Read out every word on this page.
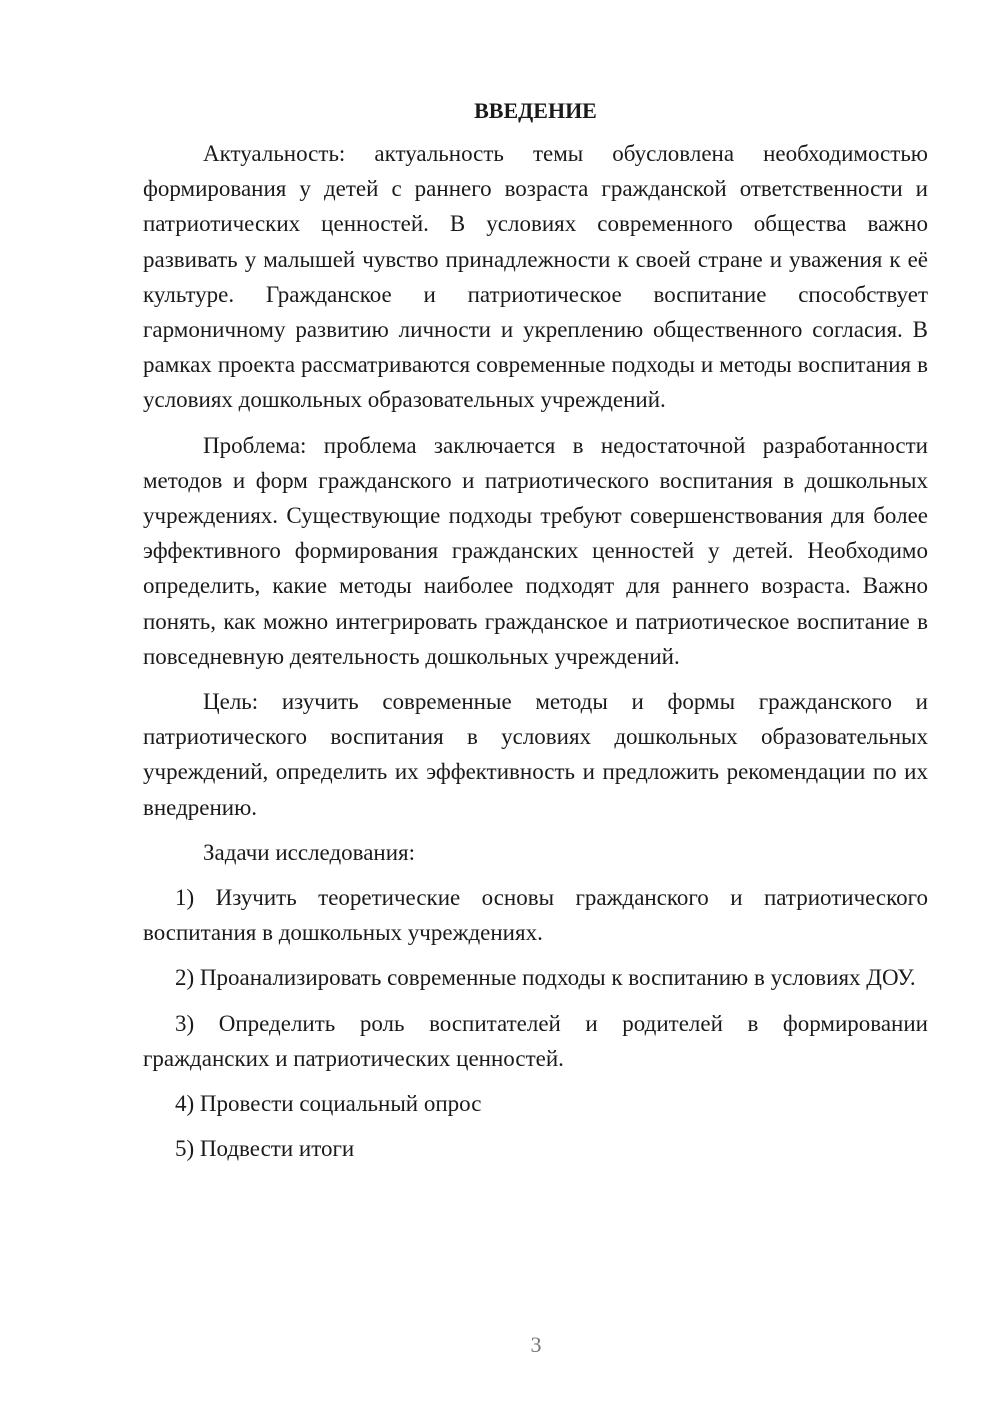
ВВЕДЕНИЕ
Актуальность: актуальность темы обусловлена необходимостью формирования у детей с раннего возраста гражданской ответственности и патриотических ценностей. В условиях современного общества важно развивать у малышей чувство принадлежности к своей стране и уважения к её культуре. Гражданское и патриотическое воспитание способствует гармоничному развитию личности и укреплению общественного согласия. В рамках проекта рассматриваются современные подходы и методы воспитания в условиях дошкольных образовательных учреждений.
Проблема: проблема заключается в недостаточной разработанности методов и форм гражданского и патриотического воспитания в дошкольных учреждениях. Существующие подходы требуют совершенствования для более эффективного формирования гражданских ценностей у детей. Необходимо определить, какие методы наиболее подходят для раннего возраста. Важно понять, как можно интегрировать гражданское и патриотическое воспитание в повседневную деятельность дошкольных учреждений.
Цель: изучить современные методы и формы гражданского и патриотического воспитания в условиях дошкольных образовательных учреждений, определить их эффективность и предложить рекомендации по их внедрению.
Задачи исследования:
1) Изучить теоретические основы гражданского и патриотического воспитания в дошкольных учреждениях.
2) Проанализировать современные подходы к воспитанию в условиях ДОУ.
3) Определить роль воспитателей и родителей в формировании гражданских и патриотических ценностей.
4) Провести социальный опрос
5) Подвести итоги
3
